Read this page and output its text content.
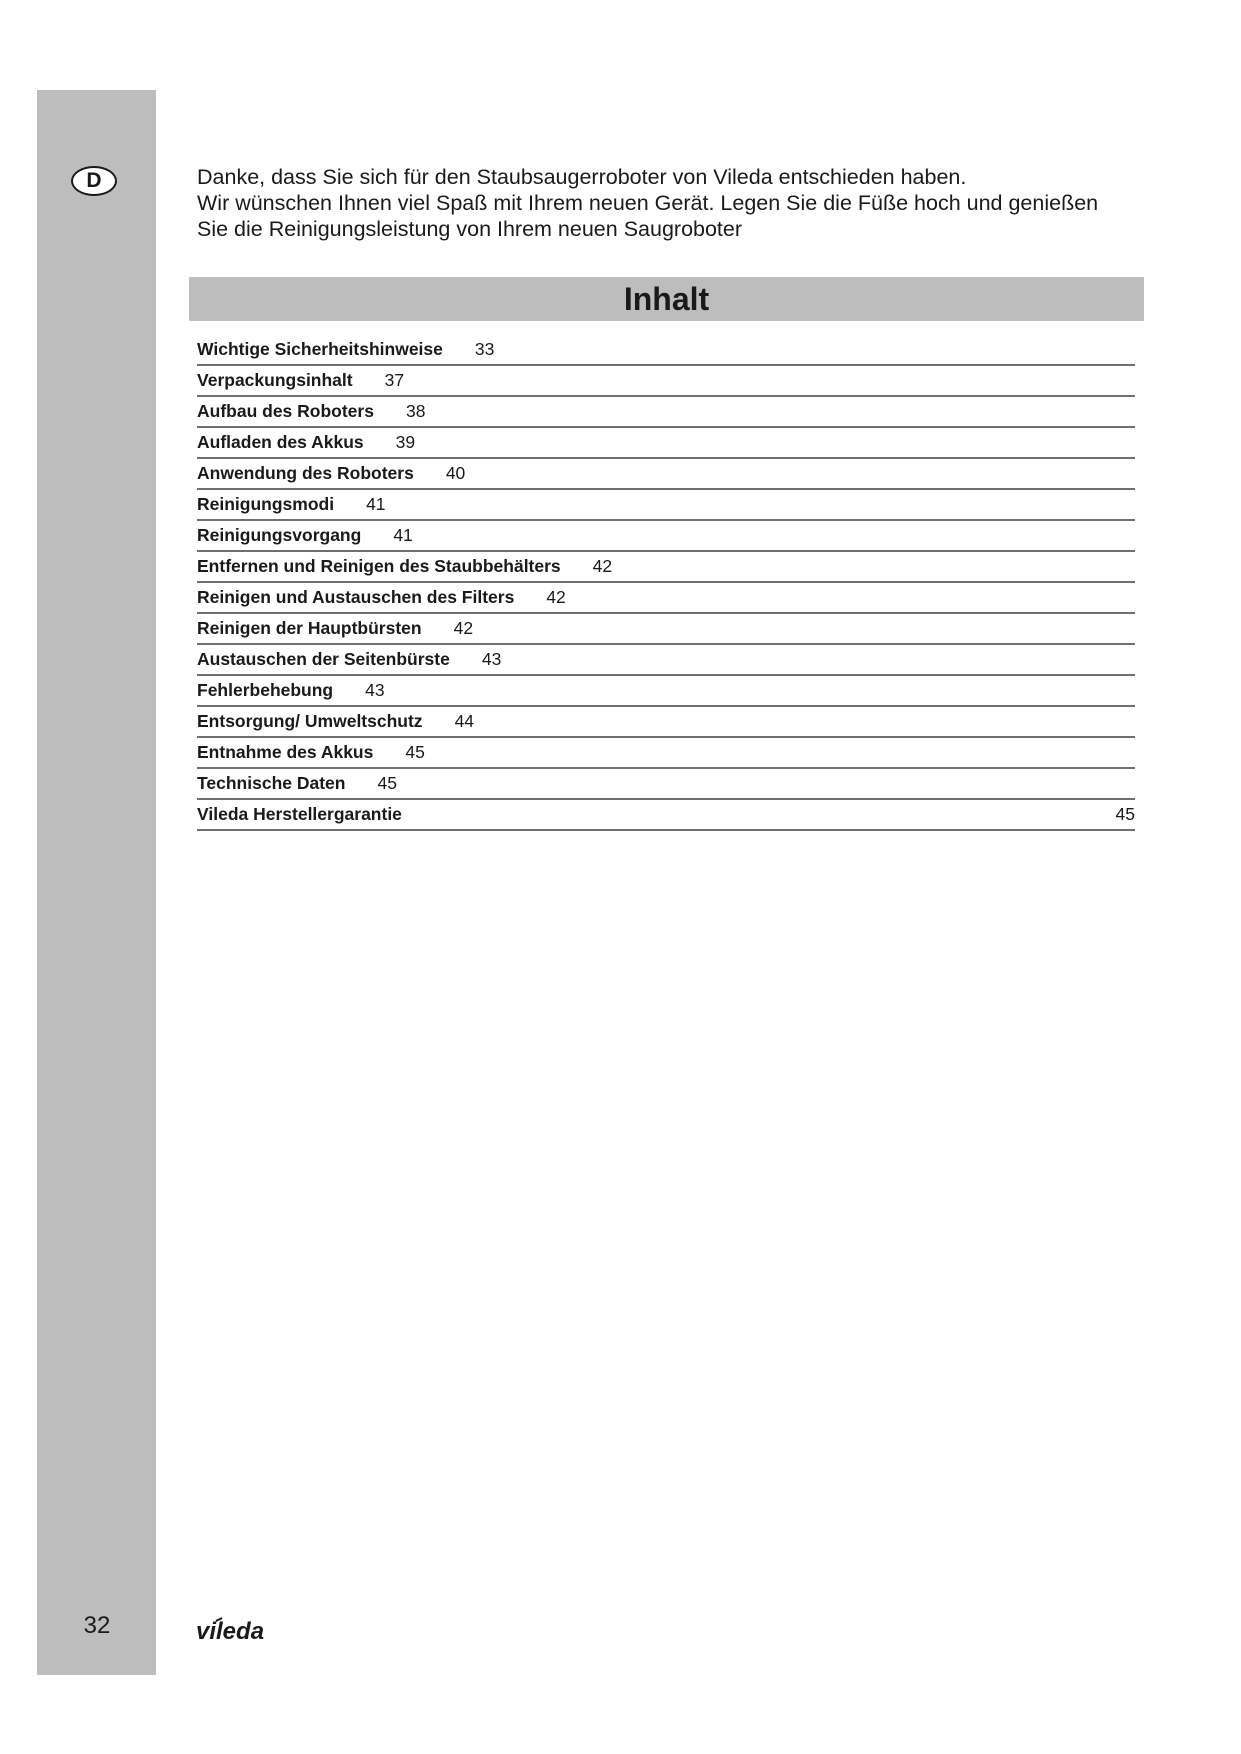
D
32

Danke, dass Sie sich für den Staubsaugerroboter von Vileda entschieden haben.

Wir wünschen Ihnen viel Spaß mit Ihrem neuen Gerät. Legen Sie die Füße hoch und genießen

Sie die Reinigungsleistung von Ihrem neuen Saugroboter

Inhalt
Wichtige Sicherheitshinweise 33
Verpackungsinhalt 37
Aufbau des Roboters 38
Aufladen des Akkus 39
Anwendung des Roboters 40
Reinigungsmodi 41
Reinigungsvorgang 41
Entfernen und Reinigen des Staubbehälters 42
Reinigen und Austauschen des Filters 42
Reinigen der Hauptbürsten 42
Austauschen der Seitenbürste 43
Fehlerbehebung 43
Entsorgung/ Umweltschutz 44
Entnahme des Akkus 45
Technische Daten 45
Vileda Herstellergarantie	45
vileda
